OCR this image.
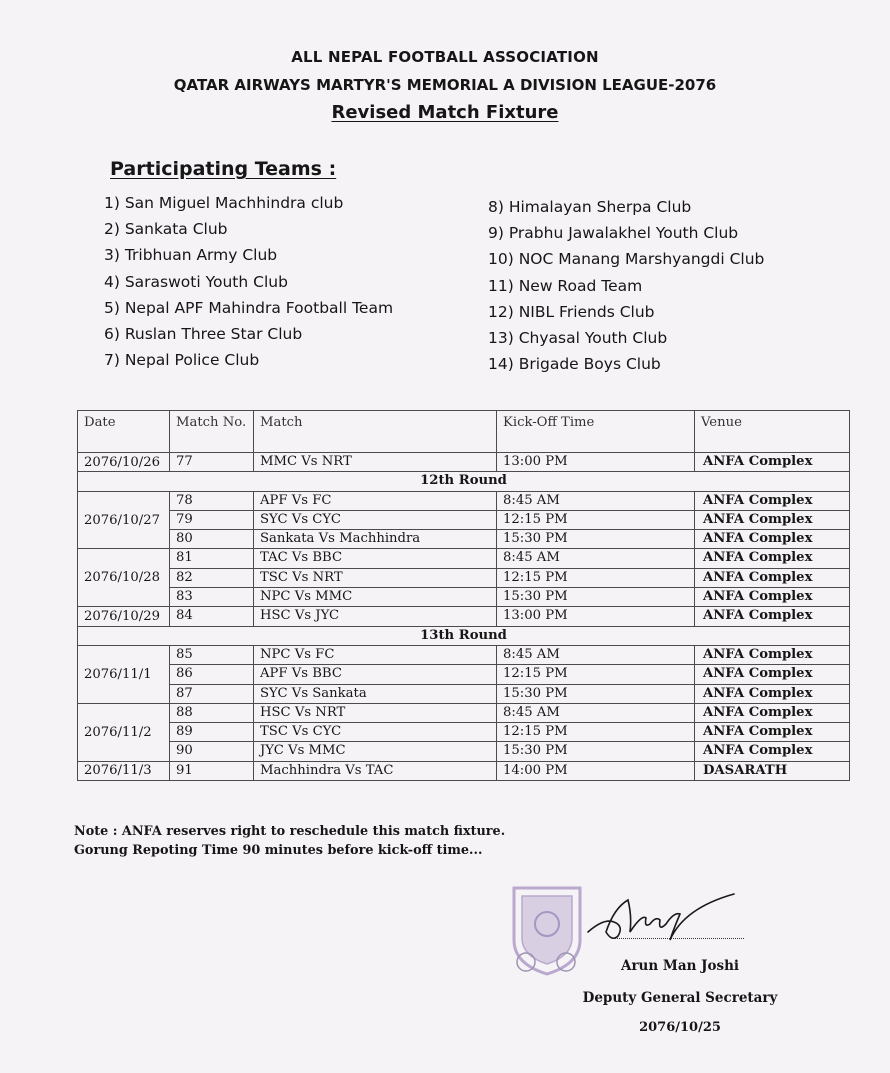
ALL NEPAL FOOTBALL ASSOCIATION
QATAR AIRWAYS MARTYR'S MEMORIAL A DIVISION LEAGUE-2076
Revised Match Fixture
Participating Teams :
1) San Miguel Machhindra club
2) Sankata Club
3) Tribhuan Army Club
4) Saraswoti Youth Club
5) Nepal APF Mahindra Football Team
6) Ruslan Three Star Club
7) Nepal Police Club
8) Himalayan Sherpa Club
9) Prabhu Jawalakhel Youth Club
10) NOC Manang Marshyangdi Club
11) New Road Team
12) NIBL Friends Club
13) Chyasal Youth Club
14) Brigade Boys Club
Date	Match No.	Match	Kick-Off Time	Venue
2076/10/26	77	MMC Vs NRT	13:00 PM	ANFA Complex
12th Round				
2076/10/27	78	APF Vs FC	8:45 AM	ANFA Complex
	79	SYC Vs CYC	12:15 PM	ANFA Complex
	80	Sankata Vs Machhindra	15:30 PM	ANFA Complex
2076/10/28	81	TAC Vs BBC	8:45 AM	ANFA Complex
	82	TSC Vs NRT	12:15 PM	ANFA Complex
	83	NPC Vs MMC	15:30 PM	ANFA Complex
2076/10/29	84	HSC Vs JYC	13:00 PM	ANFA Complex
13th Round				
2076/11/1	85	NPC Vs FC	8:45 AM	ANFA Complex
	86	APF Vs BBC	12:15 PM	ANFA Complex
	87	SYC Vs Sankata	15:30 PM	ANFA Complex
2076/11/2	88	HSC Vs NRT	8:45 AM	ANFA Complex
	89	TSC Vs CYC	12:15 PM	ANFA Complex
	90	JYC Vs MMC	15:30 PM	ANFA Complex
2076/11/3	91	Machhindra Vs TAC	14:00 PM	DASARATH
Note : ANFA reserves right to reschedule this match fixture.
Gorung Repoting Time 90 minutes before kick-off time...
Arun Man Joshi
Deputy General Secretary
2076/10/25
